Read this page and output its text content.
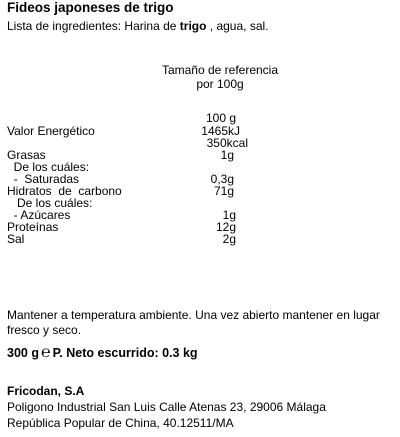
Fideos japoneses de trigo
Lista de ingredientes: Harina de trigo , agua, sal.
Tamaño de referencia por 100g
100 g
Valor Energético	1465kJ
350kcal
Grasas	1g
De los cuáles:
-  Saturadas	0,3g
Hidratos  de  carbono	71g
De los cuáles:
- Azúcares	1g
Proteínas	12g
Sal	2g
Mantener a temperatura ambiente. Una vez abierto mantener en lugar fresco y seco.
300 g ℮ P. Neto escurrido: 0.3 kg
Fricodan, S.A
Poligono Industrial San Luis Calle Atenas 23, 29006 Málaga
República Popular de China, 40.12511/MA
